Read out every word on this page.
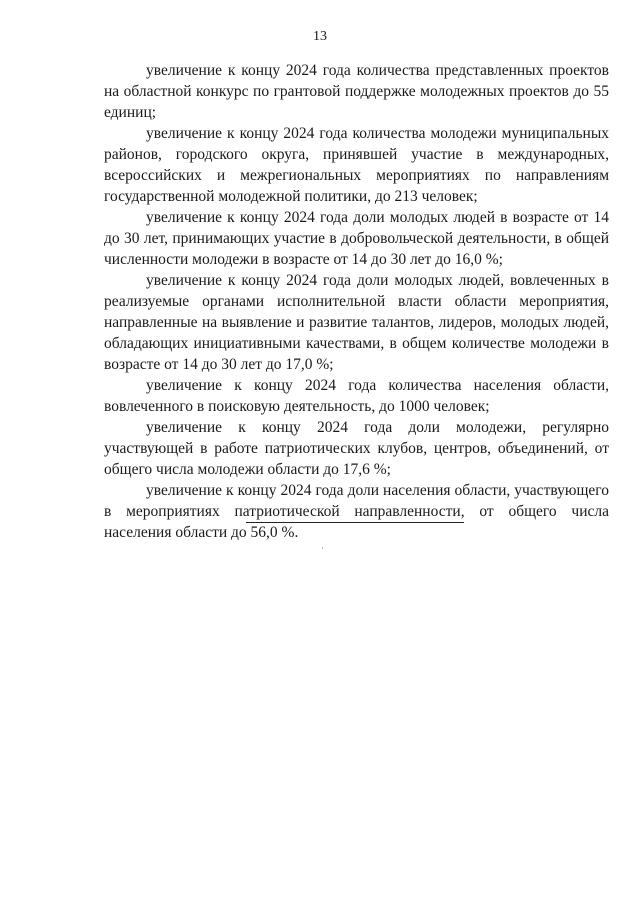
13

увеличение к концу 2024 года количества представленных проектов на областной конкурс по грантовой поддержке молодежных проектов до 55 единиц;

увеличение к концу 2024 года количества молодежи муниципальных районов, городского округа, принявшей участие в международных, всероссийских и межрегиональных мероприятиях по направлениям государственной молодежной политики, до 213 человек;

увеличение к концу 2024 года доли молодых людей в возрасте от 14 до 30 лет, принимающих участие в добровольческой деятельности, в общей численности молодежи в возрасте от 14 до 30 лет до 16,0 %;

увеличение к концу 2024 года доли молодых людей, вовлеченных в реализуемые органами исполнительной власти области мероприятия, направленные на выявление и развитие талантов, лидеров, молодых людей, обладающих инициативными качествами, в общем количестве молодежи в возрасте от 14 до 30 лет до 17,0 %;

увеличение к концу 2024 года количества населения области, вовлеченного в поисковую деятельность, до 1000 человек;

увеличение к концу 2024 года доли молодежи, регулярно участвующей в работе патриотических клубов, центров, объединений, от общего числа молодежи области до 17,6 %;

увеличение к концу 2024 года доли населения области, участвующего в мероприятиях патриотической направленности, от общего числа населения области до 56,0 %.
